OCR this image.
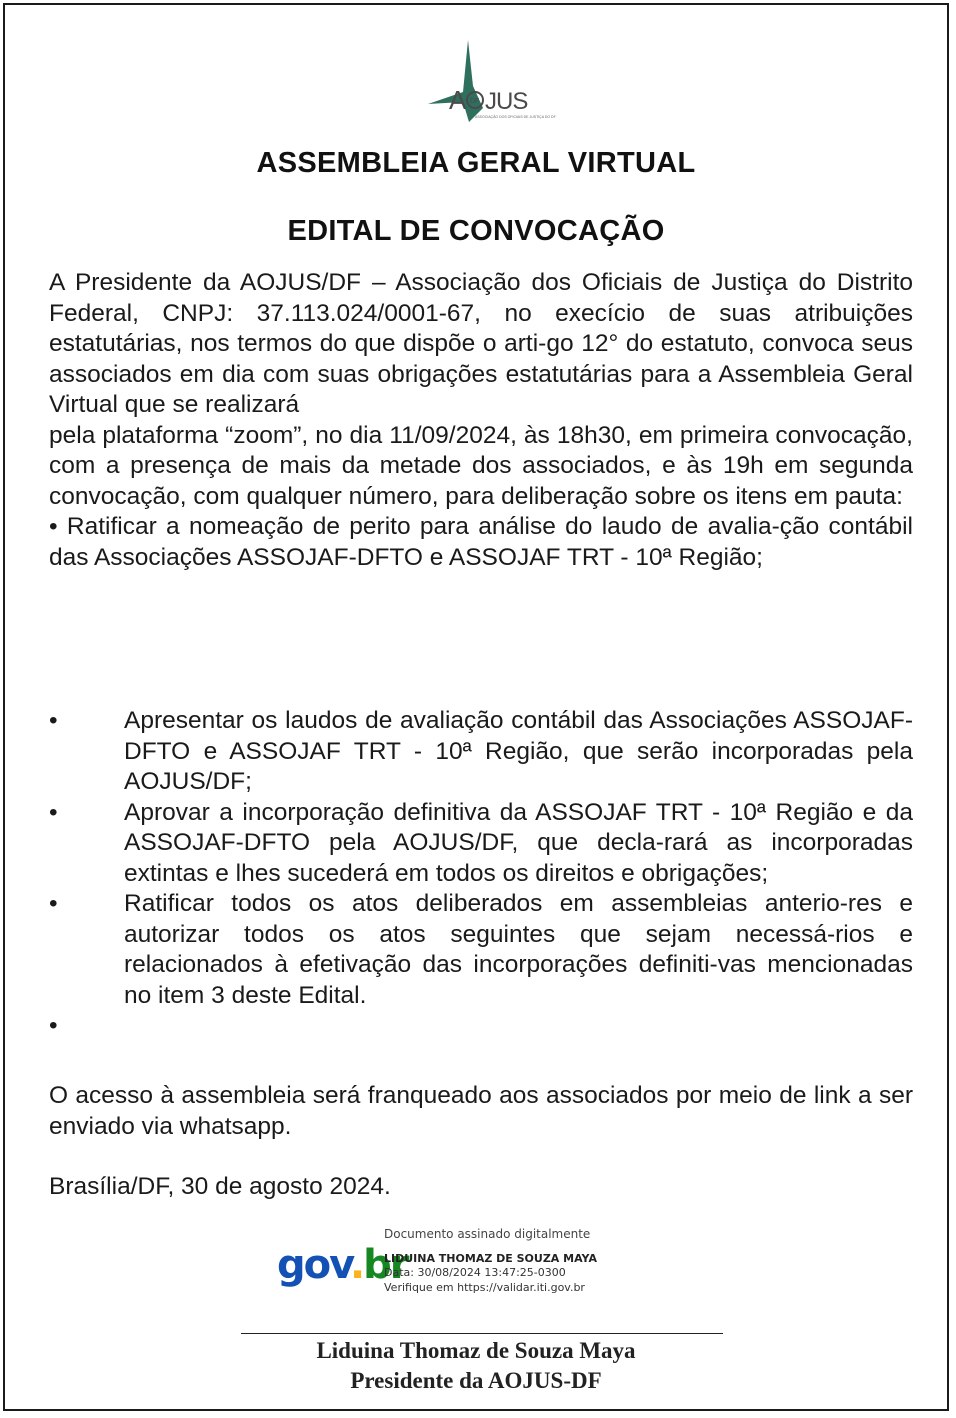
A DF JUS
ASSOCIAÇÃO DOS OFICIAIS DE JUSTIÇA DO DF
ASSEMBLEIA GERAL VIRTUAL
EDITAL DE CONVOCAÇÃO

A Presidente da AOJUS/DF – Associação dos Oficiais de Justiça do Distrito Federal, CNPJ: 37.113.024/0001-67, no execício de suas atribuições estatutárias, nos termos do que dispõe o arti-go 12° do estatuto, convoca seus associados em dia com suas obrigações estatutárias para a Assembleia Geral Virtual que se realizará

pela plataforma “zoom”, no dia 11/09/2024, às 18h30, em primeira convocação, com a presença de mais da metade dos associados, e às 19h em segunda convocação, com qualquer número, para deliberação sobre os itens em pauta:

• Ratificar a nomeação de perito para análise do laudo de avalia-ção contábil das Associações ASSOJAF-DFTO e ASSOJAF TRT - 10ª Região;

•	Apresentar os laudos de avaliação contábil das Associações ASSOJAF-DFTO e ASSOJAF TRT - 10ª Região, que serão incorporadas pela AOJUS/DF;
•	Aprovar a incorporação definitiva da ASSOJAF TRT - 10ª Região e da ASSOJAF-DFTO pela AOJUS/DF, que decla-rará as incorporadas extintas e lhes sucederá em todos os direitos e obrigações;
•	Ratificar todos os atos deliberados em assembleias anterio-res e autorizar todos os atos seguintes que sejam necessá-rios e relacionados à efetivação das incorporações definiti-vas mencionadas no item 3 deste Edital.
•

O acesso à assembleia será franqueado aos associados por meio de link a ser enviado via whatsapp.

Brasília/DF, 30 de agosto 2024.

gov.br
Documento assinado digitalmente
LIDUINA THOMAZ DE SOUZA MAYA
Data: 30/08/2024 13:47:25-0300
Verifique em https://validar.iti.gov.br
Liduina Thomaz de Souza Maya
Presidente da AOJUS-DF
